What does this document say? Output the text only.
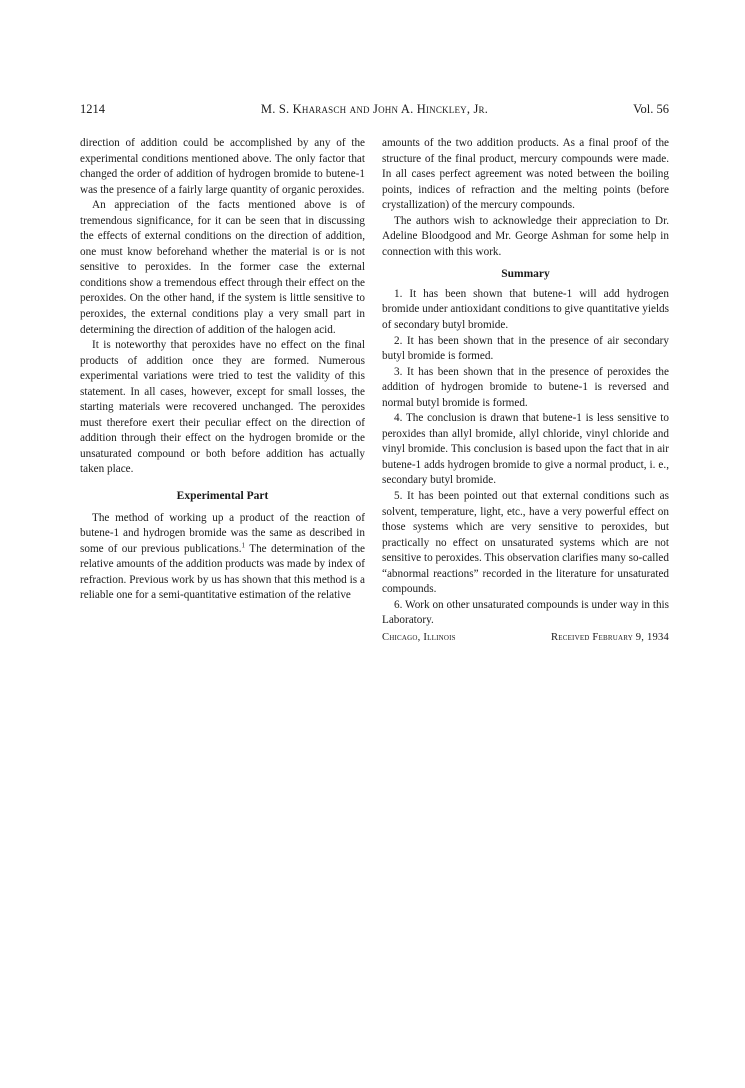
1214	M. S. Kharasch and John A. Hinckley, Jr.	Vol. 56

direction of addition could be accomplished by any of the experimental conditions mentioned above. The only factor that changed the order of addition of hydrogen bromide to butene-1 was the presence of a fairly large quantity of organic peroxides.

An appreciation of the facts mentioned above is of tremendous significance, for it can be seen that in discussing the effects of external conditions on the direction of addition, one must know beforehand whether the material is or is not sensitive to peroxides. In the former case the external conditions show a tremendous effect through their effect on the peroxides. On the other hand, if the system is little sensitive to peroxides, the external conditions play a very small part in determining the direction of addition of the halogen acid.

It is noteworthy that peroxides have no effect on the final products of addition once they are formed. Numerous experimental variations were tried to test the validity of this statement. In all cases, however, except for small losses, the starting materials were recovered unchanged. The peroxides must therefore exert their peculiar effect on the direction of addition through their effect on the hydrogen bromide or the unsaturated compound or both before addition has actually taken place.

Experimental Part

The method of working up a product of the reaction of butene-1 and hydrogen bromide was the same as described in some of our previous publications.$^1$ The determination of the relative amounts of the addition products was made by index of refraction. Previous work by us has shown that this method is a reliable one for a semi-quantitative estimation of the relative

amounts of the two addition products. As a final proof of the structure of the final product, mercury compounds were made. In all cases perfect agreement was noted between the boiling points, indices of refraction and the melting points (before crystallization) of the mercury compounds.

The authors wish to acknowledge their appreciation to Dr. Adeline Bloodgood and Mr. George Ashman for some help in connection with this work.

Summary

1. It has been shown that butene-1 will add hydrogen bromide under antioxidant conditions to give quantitative yields of secondary butyl bromide.

2. It has been shown that in the presence of air secondary butyl bromide is formed.

3. It has been shown that in the presence of peroxides the addition of hydrogen bromide to butene-1 is reversed and normal butyl bromide is formed.

4. The conclusion is drawn that butene-1 is less sensitive to peroxides than allyl bromide, allyl chloride, vinyl chloride and vinyl bromide. This conclusion is based upon the fact that in air butene-1 adds hydrogen bromide to give a normal product, i. e., secondary butyl bromide.

5. It has been pointed out that external conditions such as solvent, temperature, light, etc., have a very powerful effect on those systems which are very sensitive to peroxides, but practically no effect on unsaturated systems which are not sensitive to peroxides. This observation clarifies many so-called “abnormal reactions” recorded in the literature for unsaturated compounds.

6. Work on other unsaturated compounds is under way in this Laboratory.

Chicago, Illinois	Received February 9, 1934
